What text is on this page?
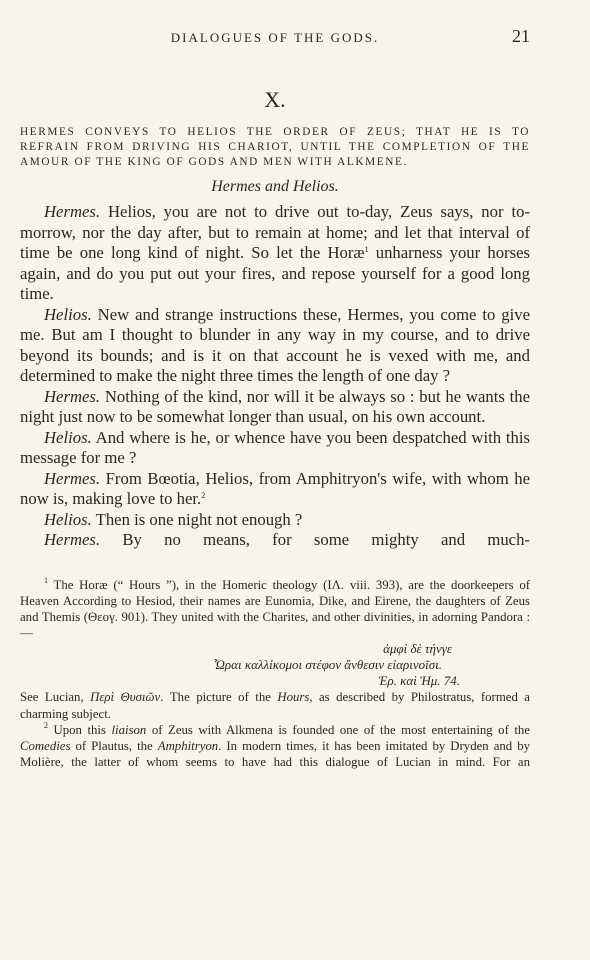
DIALOGUES OF THE GODS.	21
X.
HERMES CONVEYS TO HELIOS THE ORDER OF ZEUS; THAT HE IS TO REFRAIN FROM DRIVING HIS CHARIOT, UNTIL THE COMPLETION OF THE AMOUR OF THE KING OF GODS AND MEN WITH ALKMENE.
Hermes and Helios.

Hermes. Helios, you are not to drive out to-day, Zeus says, nor to-morrow, nor the day after, but to remain at home; and let that interval of time be one long kind of night. So let the Horæ$^1$ unharness your horses again, and do you put out your fires, and repose yourself for a good long time.

Helios. New and strange instructions these, Hermes, you come to give me. But am I thought to blunder in any way in my course, and to drive beyond its bounds; and is it on that account he is vexed with me, and determined to make the night three times the length of one day ?

Hermes. Nothing of the kind, nor will it be always so : but he wants the night just now to be somewhat longer than usual, on his own account.

Helios. And where is he, or whence have you been despatched with this message for me ?

Hermes. From Bœotia, Helios, from Amphitryon's wife, with whom he now is, making love to her.$^2$

Helios. Then is one night not enough ?

Hermes. By no means, for some mighty and much-

$^1$ The Horæ (“ Hours ”), in the Homeric theology (IΛ. viii. 393), are the doorkeepers of Heaven According to Hesiod, their names are Eunomia, Dike, and Eirene, the daughters of Zeus and Themis (Θεογ. 901). They united with the Charites, and other divinities, in adorning Pandora :—

ἀμφὶ δὲ τήνγε
Ὧραι καλλίκομοι στέφον ἄνθεσιν εἰαρινοῖσι.
Ἐρ. καὶ Ἡμ. 74.

See Lucian, Περὶ Θυσιῶν. The picture of the Hours, as described by Philostratus, formed a charming subject.

$^2$ Upon this liaison of Zeus with Alkmena is founded one of the most entertaining of the Comedies of Plautus, the Amphitryon. In modern times, it has been imitated by Dryden and by Molière, the latter of whom seems to have had this dialogue of Lucian in mind. For an
